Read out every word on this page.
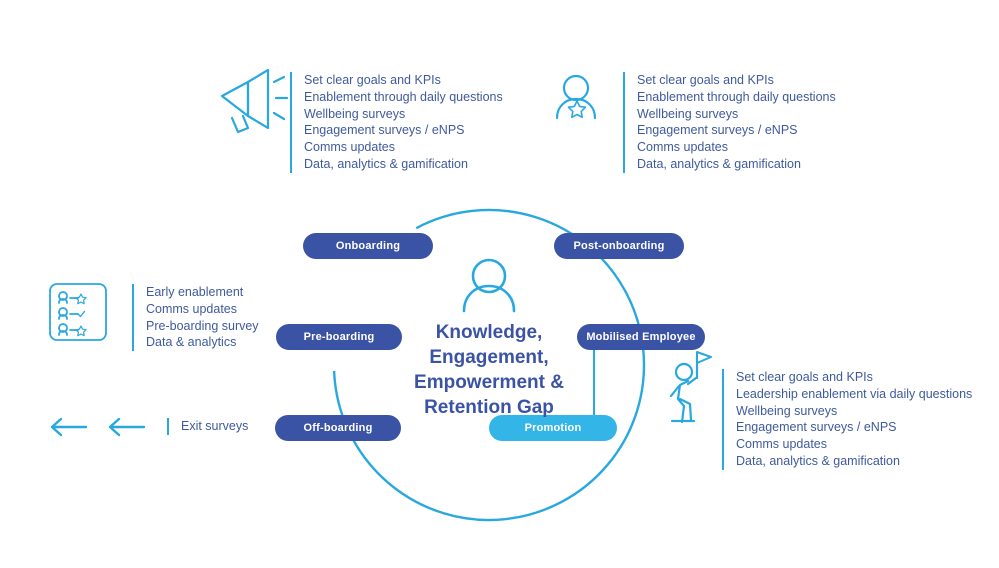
Onboarding	Post-onboarding
Pre-boarding	Mobilised Employee
Promotion
Off-boarding
Knowledge, Engagement, Empowerment & Retention Gap
Set clear goals and KPIs
Enablement through daily questions
Wellbeing surveys
Engagement surveys / eNPS
Comms updates
Data, analytics & gamification
Set clear goals and KPIs
Enablement through daily questions
Wellbeing surveys
Engagement surveys / eNPS
Comms updates
Data, analytics & gamification
Early enablement
Comms updates
Pre-boarding survey
Data & analytics
Set clear goals and KPIs
Leadership enablement via daily questions
Wellbeing surveys
Engagement surveys / eNPS
Comms updates
Data, analytics & gamification
Exit surveys
